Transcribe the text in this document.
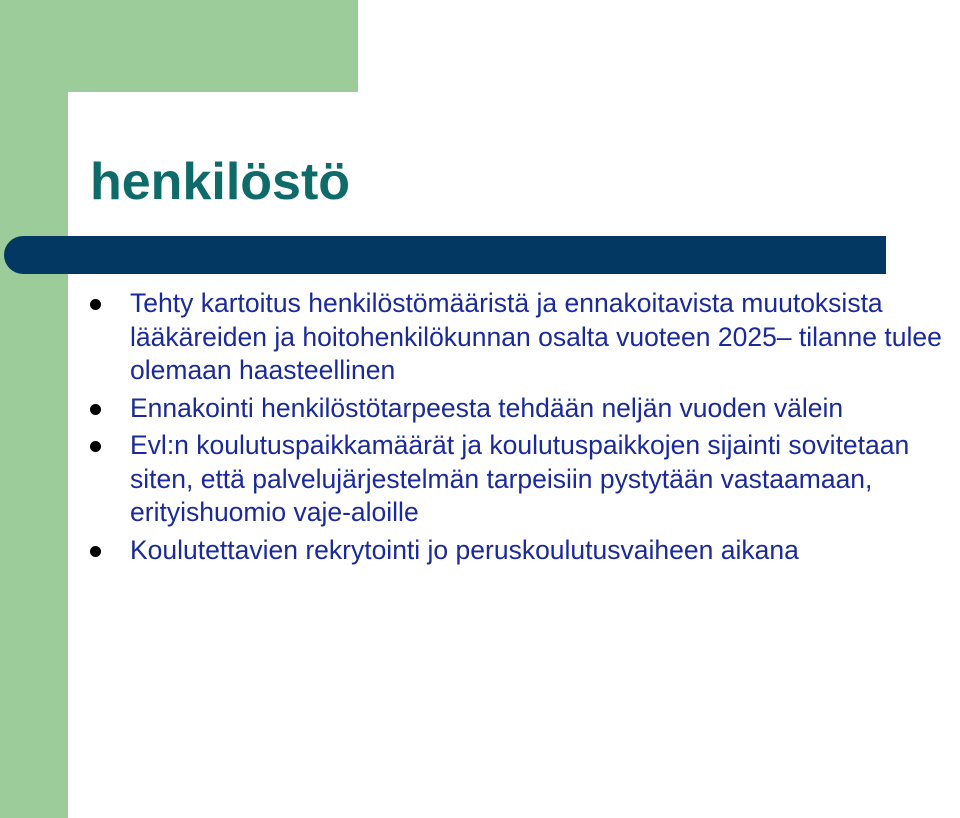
henkilöstö
Tehty kartoitus henkilöstömääristä ja ennakoitavista muutoksista lääkäreiden ja hoitohenkilökunnan osalta vuoteen 2025– tilanne tulee olemaan haasteellinen
Ennakointi henkilöstötarpeesta tehdään neljän vuoden välein
Evl:n koulutuspaikkamäärät ja koulutuspaikkojen sijainti sovitetaan siten, että palvelujärjestelmän tarpeisiin pystytään vastaamaan, erityishuomio vaje-aloille
Koulutettavien rekrytointi jo peruskoulutusvaiheen aikana
